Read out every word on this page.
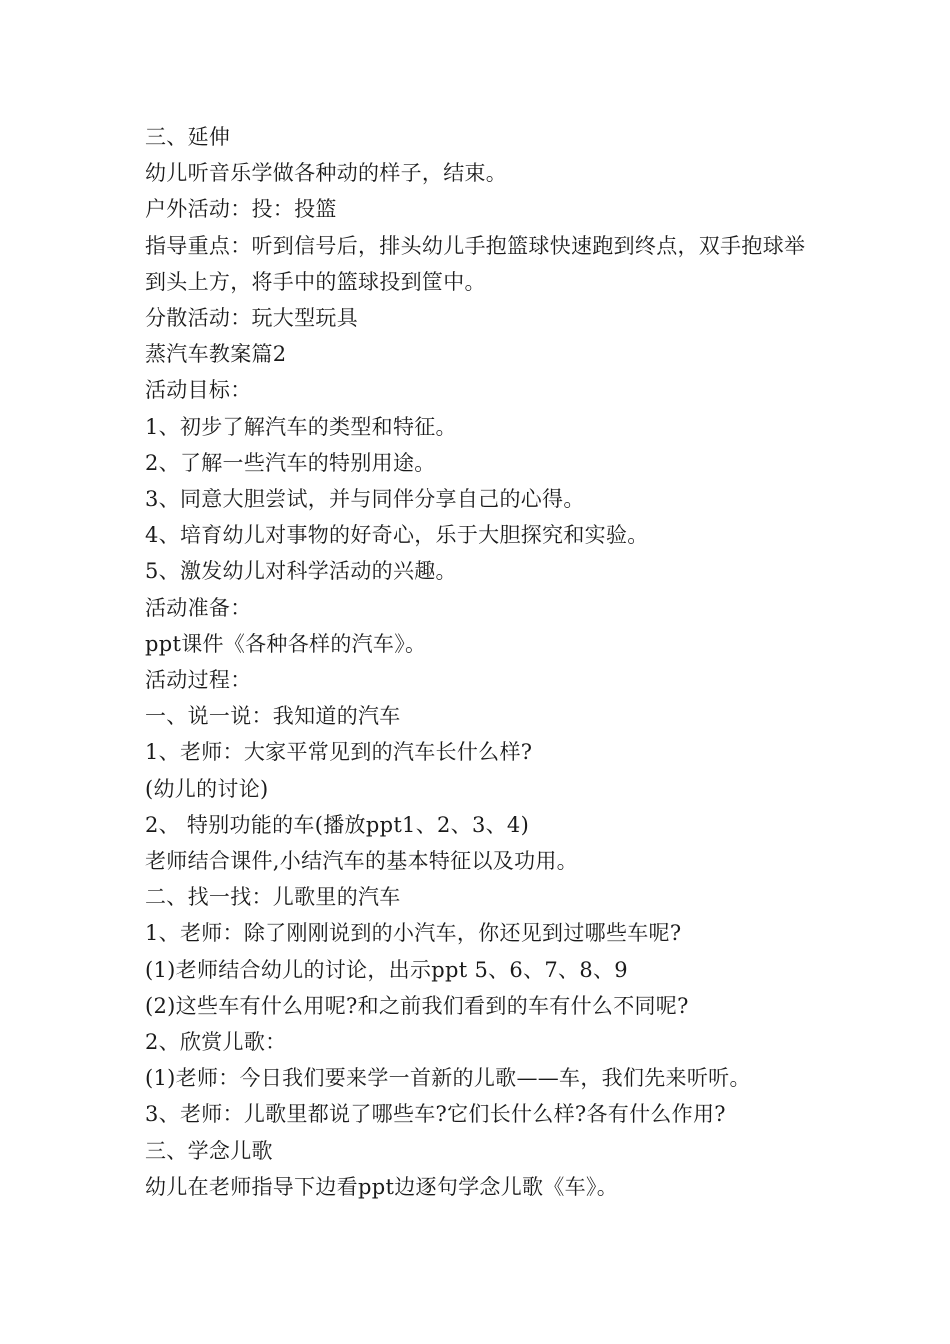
三、延伸

幼儿听音乐学做各种动的样子，结束。

户外活动：投：投篮

指导重点：听到信号后，排头幼儿手抱篮球快速跑到终点，双手抱球举到头上方，将手中的篮球投到筐中。

分散活动：玩大型玩具

蒸汽车教案篇2

活动目标：

1、初步了解汽车的类型和特征。

2、了解一些汽车的特别用途。

3、同意大胆尝试，并与同伴分享自己的心得。

4、培育幼儿对事物的好奇心，乐于大胆探究和实验。

5、激发幼儿对科学活动的兴趣。

活动准备：

ppt课件《各种各样的汽车》。

活动过程：

一、说一说：我知道的汽车

1、老师：大家平常见到的汽车长什么样?

(幼儿的讨论)

2、 特别功能的车(播放ppt1、2、3、4)

老师结合课件,小结汽车的基本特征以及功用。

二、找一找：儿歌里的汽车

1、老师：除了刚刚说到的小汽车，你还见到过哪些车呢?

(1)老师结合幼儿的讨论，出示ppt 5、6、7、8、9

(2)这些车有什么用呢?和之前我们看到的车有什么不同呢?

2、欣赏儿歌：

(1)老师：今日我们要来学一首新的儿歌——车，我们先来听听。

3、老师：儿歌里都说了哪些车?它们长什么样?各有什么作用?

三、学念儿歌

幼儿在老师指导下边看ppt边逐句学念儿歌《车》。
